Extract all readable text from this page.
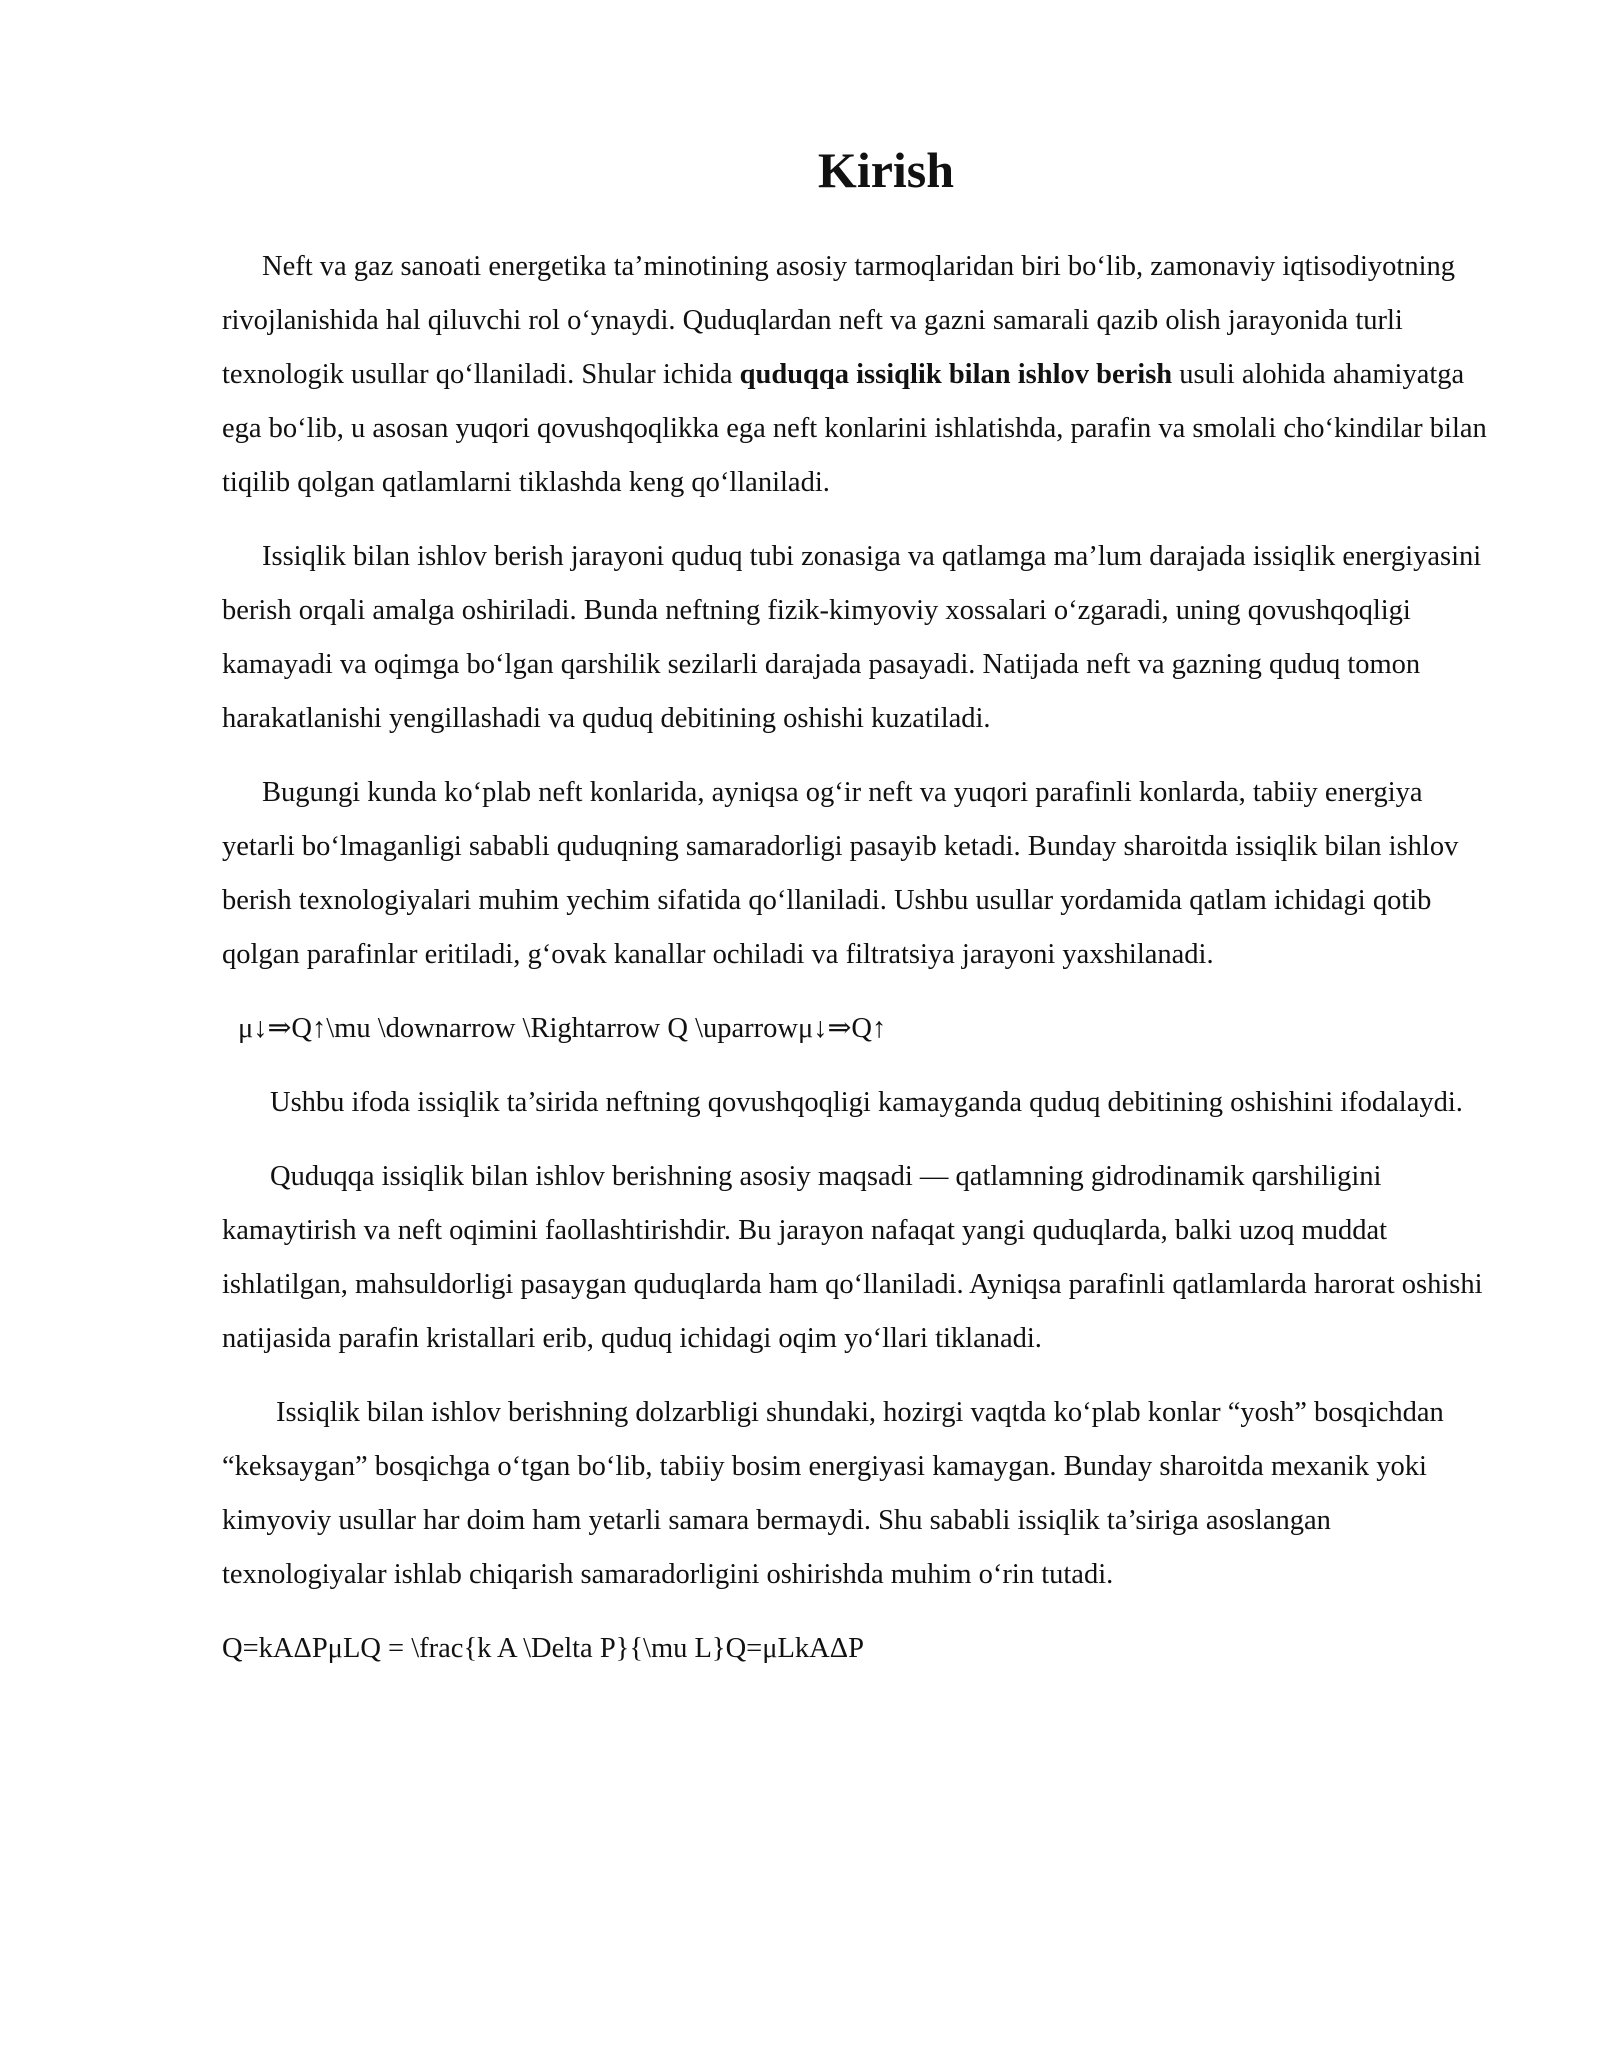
Kirish

Neft va gaz sanoati energetika ta’minotining asosiy tarmoqlaridan biri bo‘lib, zamonaviy iqtisodiyotning rivojlanishida hal qiluvchi rol o‘ynaydi. Quduqlardan neft va gazni samarali qazib olish jarayonida turli texnologik usullar qo‘llaniladi. Shular ichida quduqqa issiqlik bilan ishlov berish usuli alohida ahamiyatga ega bo‘lib, u asosan yuqori qovushqoqlikka ega neft konlarini ishlatishda, parafin va smolali cho‘kindilar bilan tiqilib qolgan qatlamlarni tiklashda keng qo‘llaniladi.

Issiqlik bilan ishlov berish jarayoni quduq tubi zonasiga va qatlamga ma’lum darajada issiqlik energiyasini berish orqali amalga oshiriladi. Bunda neftning fizik-kimyoviy xossalari o‘zgaradi, uning qovushqoqligi kamayadi va oqimga bo‘lgan qarshilik sezilarli darajada pasayadi. Natijada neft va gazning quduq tomon harakatlanishi yengillashadi va quduq debitining oshishi kuzatiladi.

Bugungi kunda ko‘plab neft konlarida, ayniqsa og‘ir neft va yuqori parafinli konlarda, tabiiy energiya yetarli bo‘lmaganligi sababli quduqning samaradorligi pasayib ketadi. Bunday sharoitda issiqlik bilan ishlov berish texnologiyalari muhim yechim sifatida qo‘llaniladi. Ushbu usullar yordamida qatlam ichidagi qotib qolgan parafinlar eritiladi, g‘ovak kanallar ochiladi va filtratsiya jarayoni yaxshilanadi.

μ↓⇒Q↑\mu \downarrow \Rightarrow Q \uparrowμ↓⇒Q↑

Ushbu ifoda issiqlik ta’sirida neftning qovushqoqligi kamayganda quduq debitining oshishini ifodalaydi.

Quduqqa issiqlik bilan ishlov berishning asosiy maqsadi — qatlamning gidrodinamik qarshiligini kamaytirish va neft oqimini faollashtirishdir. Bu jarayon nafaqat yangi quduqlarda, balki uzoq muddat ishlatilgan, mahsuldorligi pasaygan quduqlarda ham qo‘llaniladi. Ayniqsa parafinli qatlamlarda harorat oshishi natijasida parafin kristallari erib, quduq ichidagi oqim yo‘llari tiklanadi.

Issiqlik bilan ishlov berishning dolzarbligi shundaki, hozirgi vaqtda ko‘plab konlar “yosh” bosqichdan “keksaygan” bosqichga o‘tgan bo‘lib, tabiiy bosim energiyasi kamaygan. Bunday sharoitda mexanik yoki kimyoviy usullar har doim ham yetarli samara bermaydi. Shu sababli issiqlik ta’siriga asoslangan texnologiyalar ishlab chiqarish samaradorligini oshirishda muhim o‘rin tutadi.

Q=kAΔPμLQ = \frac{k A \Delta P}{\mu L}Q=μLkAΔP
